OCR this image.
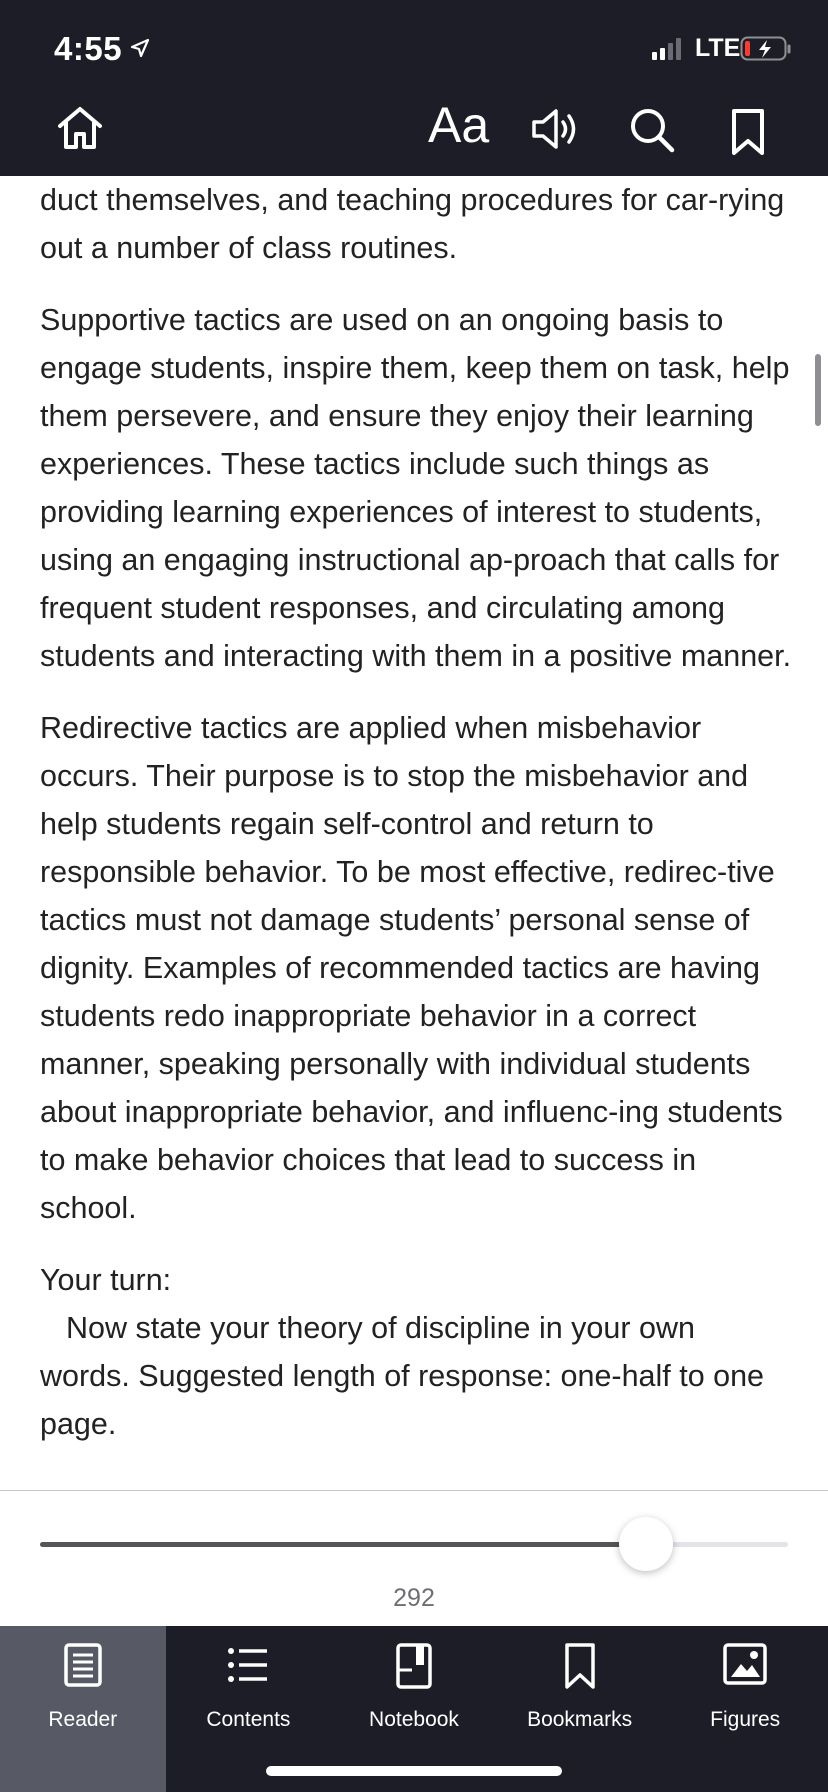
4:55	LTE
Aa

duct themselves, and teaching procedures for car-rying out a number of class routines.

Supportive tactics are used on an ongoing basis to engage students, inspire them, keep them on task, help them persevere, and ensure they enjoy their learning experiences. These tactics include such things as providing learning experiences of interest to students, using an engaging instructional ap-proach that calls for frequent student responses, and circulating among students and interacting with them in a positive manner.

Redirective tactics are applied when misbehavior occurs. Their purpose is to stop the misbehavior and help students regain self-control and return to responsible behavior. To be most effective, redirec-tive tactics must not damage students’ personal sense of dignity. Examples of recommended tactics are having students redo inappropriate behavior in a correct manner, speaking personally with individual students about inappropriate behavior, and influenc-ing students to make behavior choices that lead to success in school.

Your turn:

Now state your theory of discipline in your own words. Suggested length of response: one-half to one page.

292
Reader	Contents	Notebook	Bookmarks	Figures
